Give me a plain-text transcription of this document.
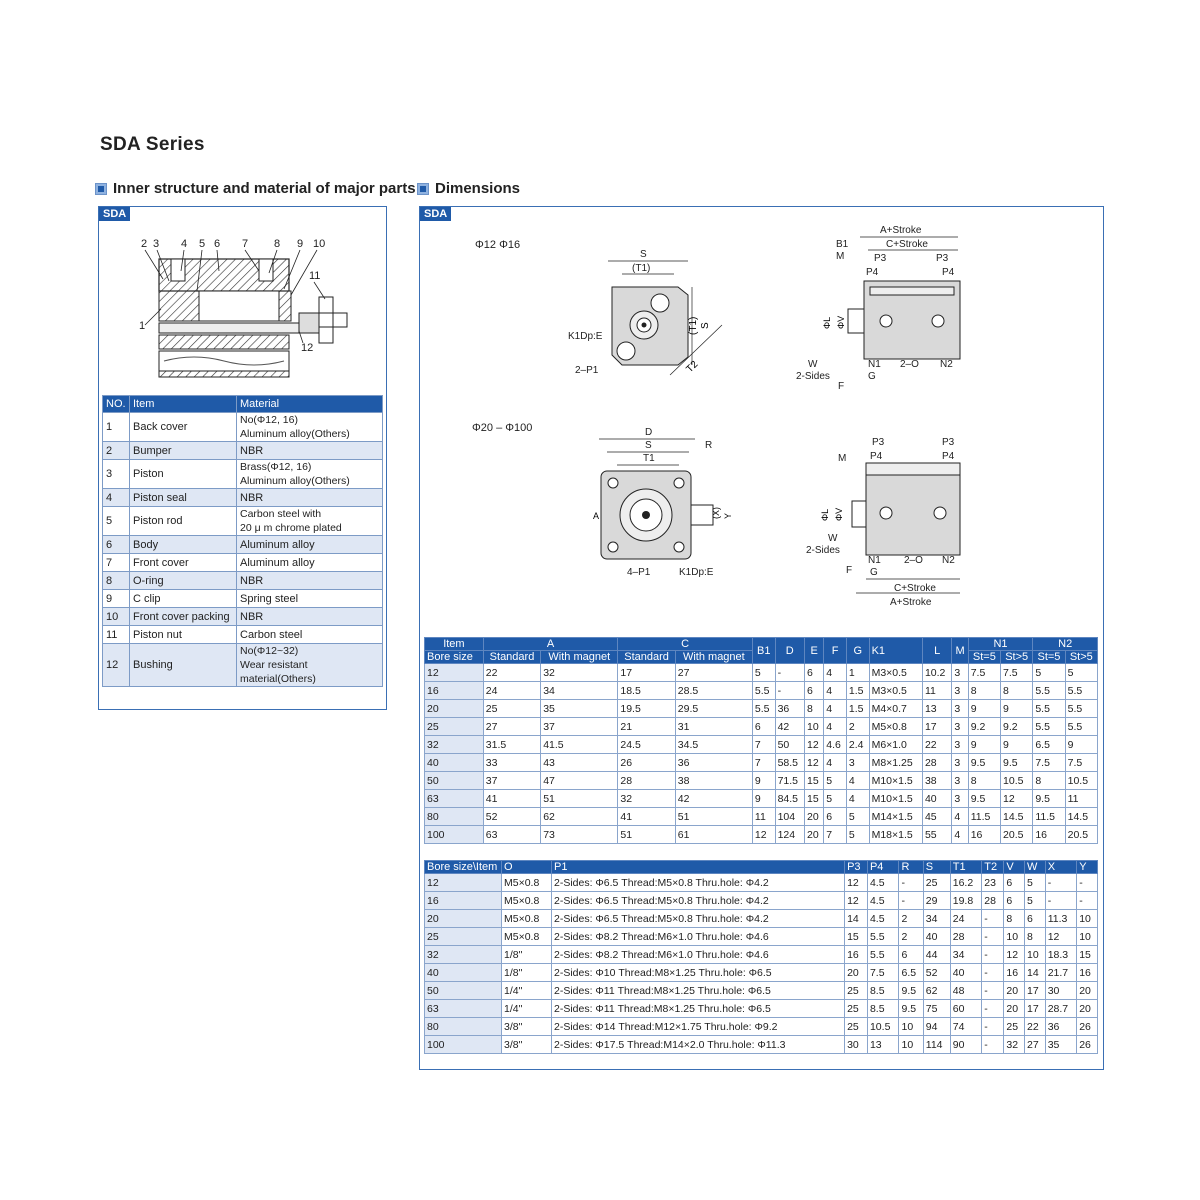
SDA Series
Inner structure and material of major parts Dimensions
SDA
2 3 4 5 6 7 8 9 10
11
1
12
NO.	Item	Material
1	Back cover	No(Φ12, 16)
Aluminum alloy(Others)

2	Bumper	NBR

3	Piston	Brass(Φ12, 16)
Aluminum alloy(Others)

4	Piston seal	NBR

5	Piston rod	Carbon steel with
20 μ m chrome plated

6	Body	Aluminum alloy

7	Front cover	Aluminum alloy

8	O-ring	NBR

9	C clip	Spring steel

10	Front cover packing	NBR

11	Piston nut	Carbon steel

12	Bushing	No(Φ12~32)
Wear resistant material(Others)
SDA
Φ12 Φ16
Φ20 – Φ100
S
(T1)
K1Dp:E
2–P1
(T1) S
T2
A+Stroke
C+Stroke
B1
M	P3	P3
P4	P4
W
2-Sides
F
N1
G
2–O N2
ΦL ΦV
D
S	R
T1
4–P1	K1Dp:E
A	(X) Y
P3	P3
P4	P4
M
W
2-Sides
F
N1
G
2–O N2
C+Stroke
A+Stroke
ΦL ΦV
Item	A		C		B1	D	E	F	G	K1	L	M	N1		N2	
Bore size	Standard	With magnet	Standard	With magnet									St=5	St>5	St=5	St>5
12	22	32	17	27	5	-	6	4	1	M3×0.5	10.2	3	7.5	7.5	5	5
16	24	34	18.5	28.5	5.5	-	6	4	1.5	M3×0.5	11	3	8	8	5.5	5.5
20	25	35	19.5	29.5	5.5	36	8	4	1.5	M4×0.7	13	3	9	9	5.5	5.5
25	27	37	21	31	6	42	10	4	2	M5×0.8	17	3	9.2	9.2	5.5	5.5
32	31.5	41.5	24.5	34.5	7	50	12	4.6	2.4	M6×1.0	22	3	9	9	6.5	9
40	33	43	26	36	7	58.5	12	4	3	M8×1.25	28	3	9.5	9.5	7.5	7.5
50	37	47	28	38	9	71.5	15	5	4	M10×1.5	38	3	8	10.5	8	10.5
63	41	51	32	42	9	84.5	15	5	4	M10×1.5	40	3	9.5	12	9.5	11
80	52	62	41	51	11	104	20	6	5	M14×1.5	45	4	11.5	14.5	11.5	14.5
100	63	73	51	61	12	124	20	7	5	M18×1.5	55	4	16	20.5	16	20.5
Bore size\Item	O	P1	P3	P4	R	S	T1	T2	V	W	X	Y
12	M5×0.8	2-Sides: Φ6.5 Thread:M5×0.8 Thru.hole: Φ4.2	12	4.5	-	25	16.2	23	6	5	-	-
16	M5×0.8	2-Sides: Φ6.5 Thread:M5×0.8 Thru.hole: Φ4.2	12	4.5	-	29	19.8	28	6	5	-	-
20	M5×0.8	2-Sides: Φ6.5 Thread:M5×0.8 Thru.hole: Φ4.2	14	4.5	2	34	24	-	8	6	11.3	10
25	M5×0.8	2-Sides: Φ8.2 Thread:M6×1.0 Thru.hole: Φ4.6	15	5.5	2	40	28	-	10	8	12	10
32	1/8"	2-Sides: Φ8.2 Thread:M6×1.0 Thru.hole: Φ4.6	16	5.5	6	44	34	-	12	10	18.3	15
40	1/8"	2-Sides: Φ10 Thread:M8×1.25 Thru.hole: Φ6.5	20	7.5	6.5	52	40	-	16	14	21.7	16
50	1/4"	2-Sides: Φ11 Thread:M8×1.25 Thru.hole: Φ6.5	25	8.5	9.5	62	48	-	20	17	30	20
63	1/4"	2-Sides: Φ11 Thread:M8×1.25 Thru.hole: Φ6.5	25	8.5	9.5	75	60	-	20	17	28.7	20
80	3/8"	2-Sides: Φ14 Thread:M12×1.75 Thru.hole: Φ9.2	25	10.5	10	94	74	-	25	22	36	26
100	3/8"	2-Sides: Φ17.5 Thread:M14×2.0 Thru.hole: Φ11.3	30	13	10	114	90	-	32	27	35	26
